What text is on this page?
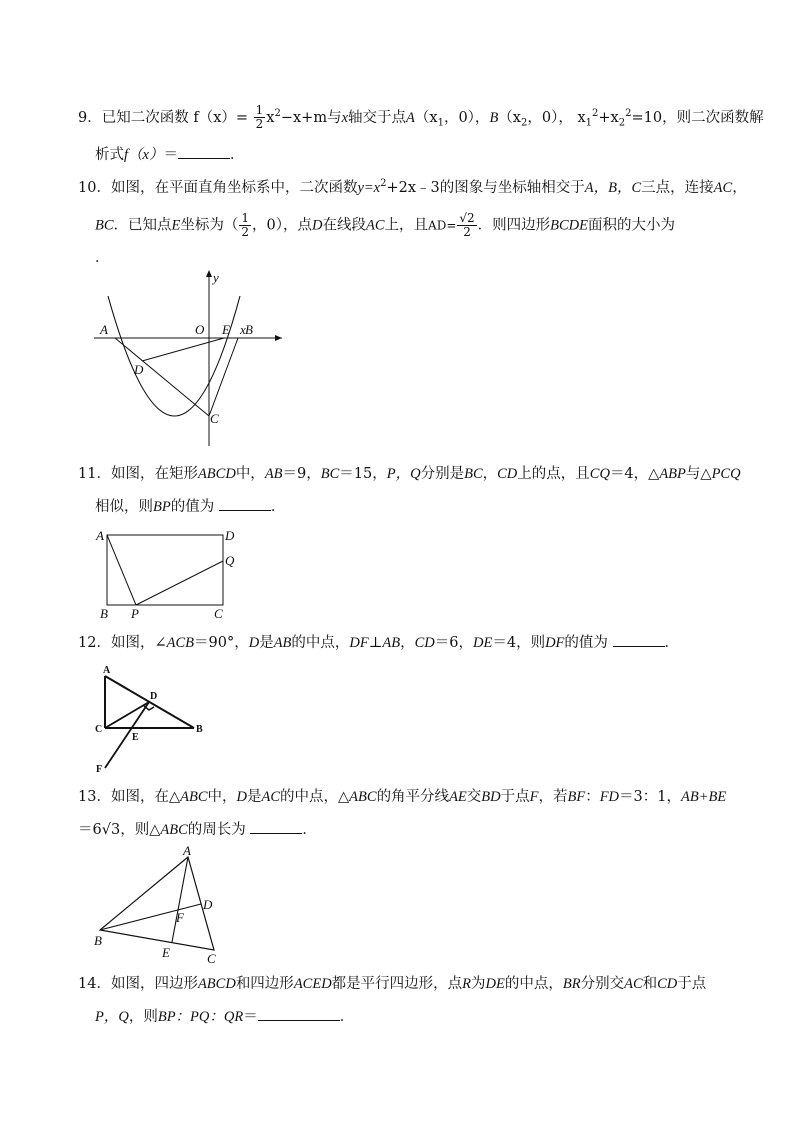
9．已知二次函数 $f(x)= \frac{1}{2} x^2-x+m$与x轴交于点$A(x_1$，0），$B(x_2$，0）， $x_1^2+x_2^2=10$，则二次函数解
析式f（x）＝	．
10．如图，在平面直角坐标系中，二次函数$y=x^2+2x﹣3$的图象与坐标轴相交于A，B，C三点，连接AC，
BC．已知点E坐标为（ $\frac{1}{2}$ ，0），点D在线段AC上，且$AD= \frac{√2}{2}$ ．则四边形BCDE面积的大小为
．
x
y
A	O E B
D
C
11．如图，在矩形ABCD中，AB＝9，BC＝15，P，Q分别是BC，CD上的点，且CQ＝4，△ABP与△PCQ
相似，则BP的值为	．
A	D
Q
B P	C
12．如图，∠ACB＝90°，D是AB的中点，DF⊥AB，CD＝6，DE＝4，则DF的值为	．
A
D
C
E
B
F
13．如图，在△ABC中，D是AC的中点，△ABC的角平分线AE交BD于点F，若BF：FD＝3：1，AB+BE
＝6√3，则△ABC的周长为	．
A
D
F
B
E	C
14．如图，四边形ABCD和四边形ACED都是平行四边形，点R为DE的中点，BR分别交AC和CD于点
P，Q，则BP：PQ：QR＝	．
